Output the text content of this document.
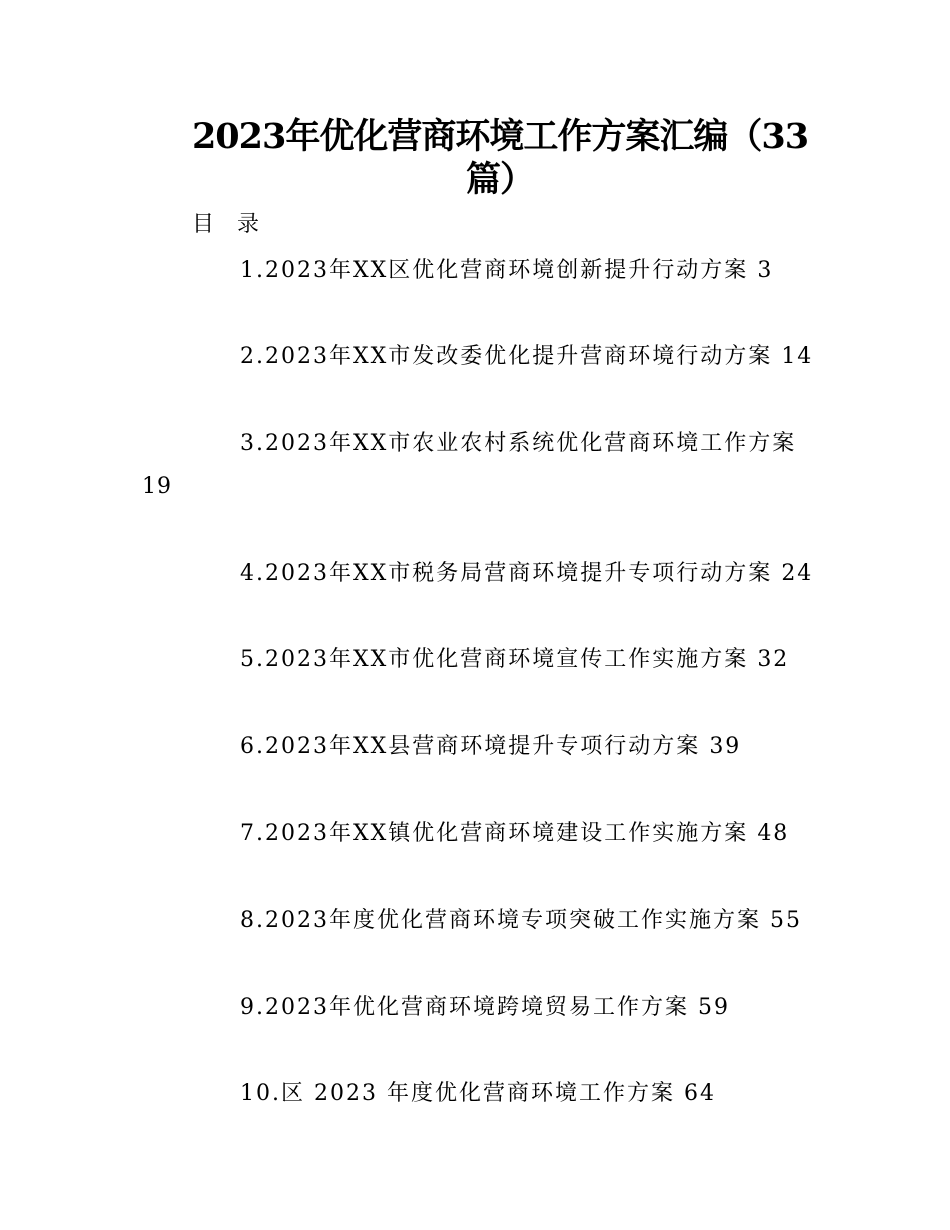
2023年优化营商环境工作方案汇编（33
篇）

目 录

1.2023年XX区优化营商环境创新提升行动方案 3

2.2023年XX市发改委优化提升营商环境行动方案 14

3.2023年XX市农业农村系统优化营商环境工作方案

19

4.2023年XX市税务局营商环境提升专项行动方案 24

5.2023年XX市优化营商环境宣传工作实施方案 32

6.2023年XX县营商环境提升专项行动方案 39

7.2023年XX镇优化营商环境建设工作实施方案 48

8.2023年度优化营商环境专项突破工作实施方案 55

9.2023年优化营商环境跨境贸易工作方案 59

10.区 2023 年度优化营商环境工作方案 64
